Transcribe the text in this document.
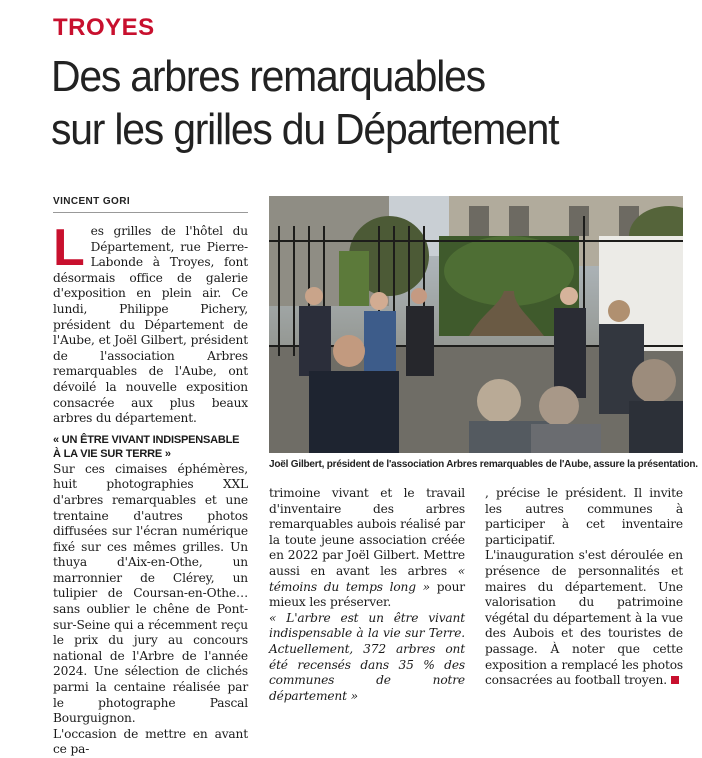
TROYES
Des arbres remarquables
sur les grilles du Département
VINCENT GORI
Joël Gilbert, président de l'association Arbres remarquables de l'Aube, assure la présentation.

Les grilles de l'hôtel du Département, rue Pierre-Labonde à Troyes, font désormais office de galerie d'exposition en plein air. Ce lundi, Philippe Pichery, président du Département de l'Aube, et Joël Gilbert, président de l'association Arbres remarquables de l'Aube, ont dévoilé la nouvelle exposition consacrée aux plus beaux arbres du département.

« UN ÊTRE VIVANT INDISPENSABLE À LA VIE SUR TERRE »

Sur ces cimaises éphémères, huit photographies XXL d'arbres remarquables et une trentaine d'autres photos diffusées sur l'écran numérique fixé sur ces mêmes grilles. Un thuya d'Aix-en-Othe, un marronnier de Clérey, un tulipier de Coursan-en-Othe… sans oublier le chêne de Pont-sur-Seine qui a récemment reçu le prix du jury au concours national de l'Arbre de l'année 2024. Une sélection de clichés parmi la centaine réalisée par le photographe Pascal Bourguignon.

L'occasion de mettre en avant ce pa-

trimoine vivant et le travail d'inventaire des arbres remarquables aubois réalisé par la toute jeune association créée en 2022 par Joël Gilbert. Mettre aussi en avant les arbres « témoins du temps long » pour mieux les préserver.

« L'arbre est un être vivant indispensable à la vie sur Terre. Actuellement, 372 arbres ont été recensés dans 35 % des communes de notre département »

, précise le président. Il invite les autres communes à participer à cet inventaire participatif.

L'inauguration s'est déroulée en présence de personnalités et maires du département. Une valorisation du patrimoine végétal du département à la vue des Aubois et des touristes de passage. À noter que cette exposition a remplacé les photos consacrées au football troyen.
